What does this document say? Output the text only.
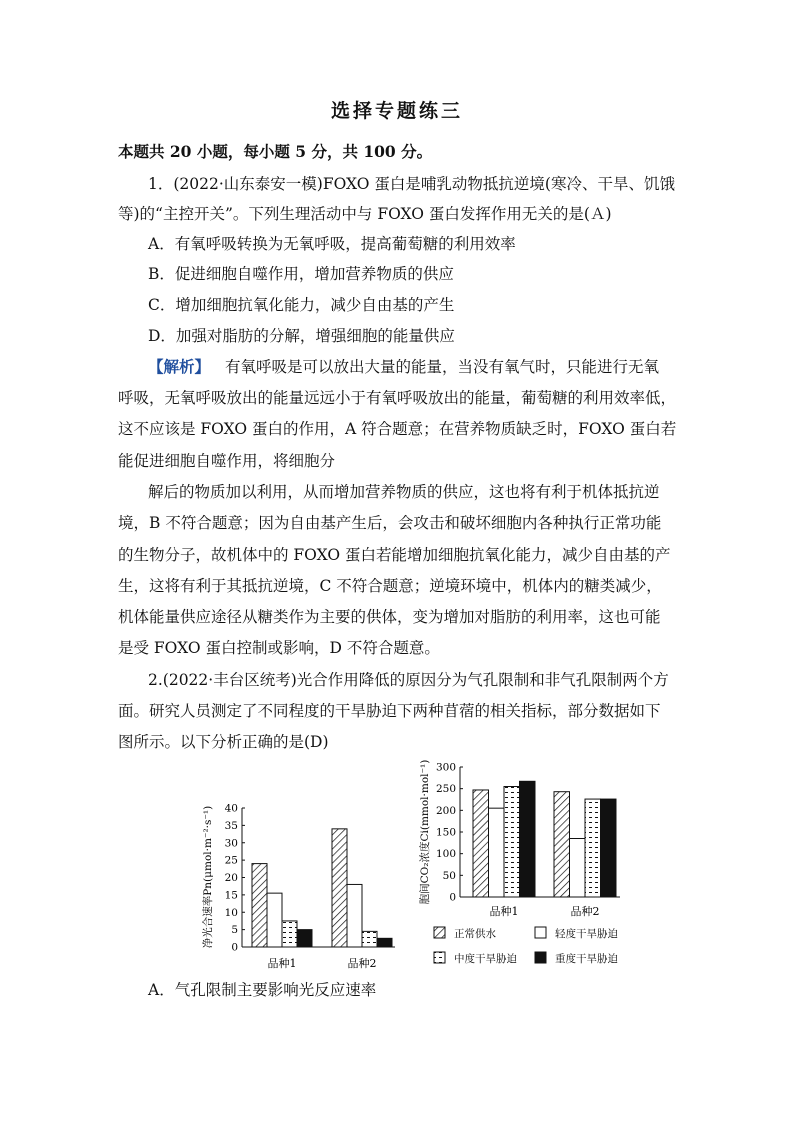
选择专题练三
本题共 20 小题，每小题 5 分，共 100 分。
1．(2022·山东泰安一模)FOXO 蛋白是哺乳动物抵抗逆境(寒冷、干旱、饥饿
等)的“主控开关”。下列生理活动中与 FOXO 蛋白发挥作用无关的是(Ａ)
A．有氧呼吸转换为无氧呼吸，提高葡萄糖的利用效率
B．促进细胞自噬作用，增加营养物质的供应
C．增加细胞抗氧化能力，减少自由基的产生
D．加强对脂肪的分解，增强细胞的能量供应
【解析】 有氧呼吸是可以放出大量的能量，当没有氧气时，只能进行无氧
呼吸，无氧呼吸放出的能量远远小于有氧呼吸放出的能量，葡萄糖的利用效率低，
这不应该是 FOXO 蛋白的作用，A 符合题意；在营养物质缺乏时，FOXO 蛋白若
能促进细胞自噬作用，将细胞分
解后的物质加以利用，从而增加营养物质的供应，这也将有利于机体抵抗逆
境，B 不符合题意；因为自由基产生后，会攻击和破坏细胞内各种执行正常功能
的生物分子，故机体中的 FOXO 蛋白若能增加细胞抗氧化能力，减少自由基的产
生，这将有利于其抵抗逆境，C 不符合题意；逆境环境中，机体内的糖类减少，
机体能量供应途径从糖类作为主要的供体，变为增加对脂肪的利用率，这也可能
是受 FOXO 蛋白控制或影响，D 不符合题意。
2.(2022·丰台区统考)光合作用降低的原因分为气孔限制和非气孔限制两个方
面。研究人员测定了不同程度的干旱胁迫下两种苜蓿的相关指标，部分数据如下
图所示。以下分析正确的是(D)
0
5
10
15
20
25
30
35
40
品种1	品种2
净光合速率Pn(μmol·m⁻²·s⁻¹)	0
50
100
150
200
250
300
品种1	品种2
胞间CO₂浓度Ci(mmol·mol⁻¹)
正常供水	轻度干旱胁迫
中度干旱胁迫	重度干旱胁迫
A．气孔限制主要影响光反应速率
